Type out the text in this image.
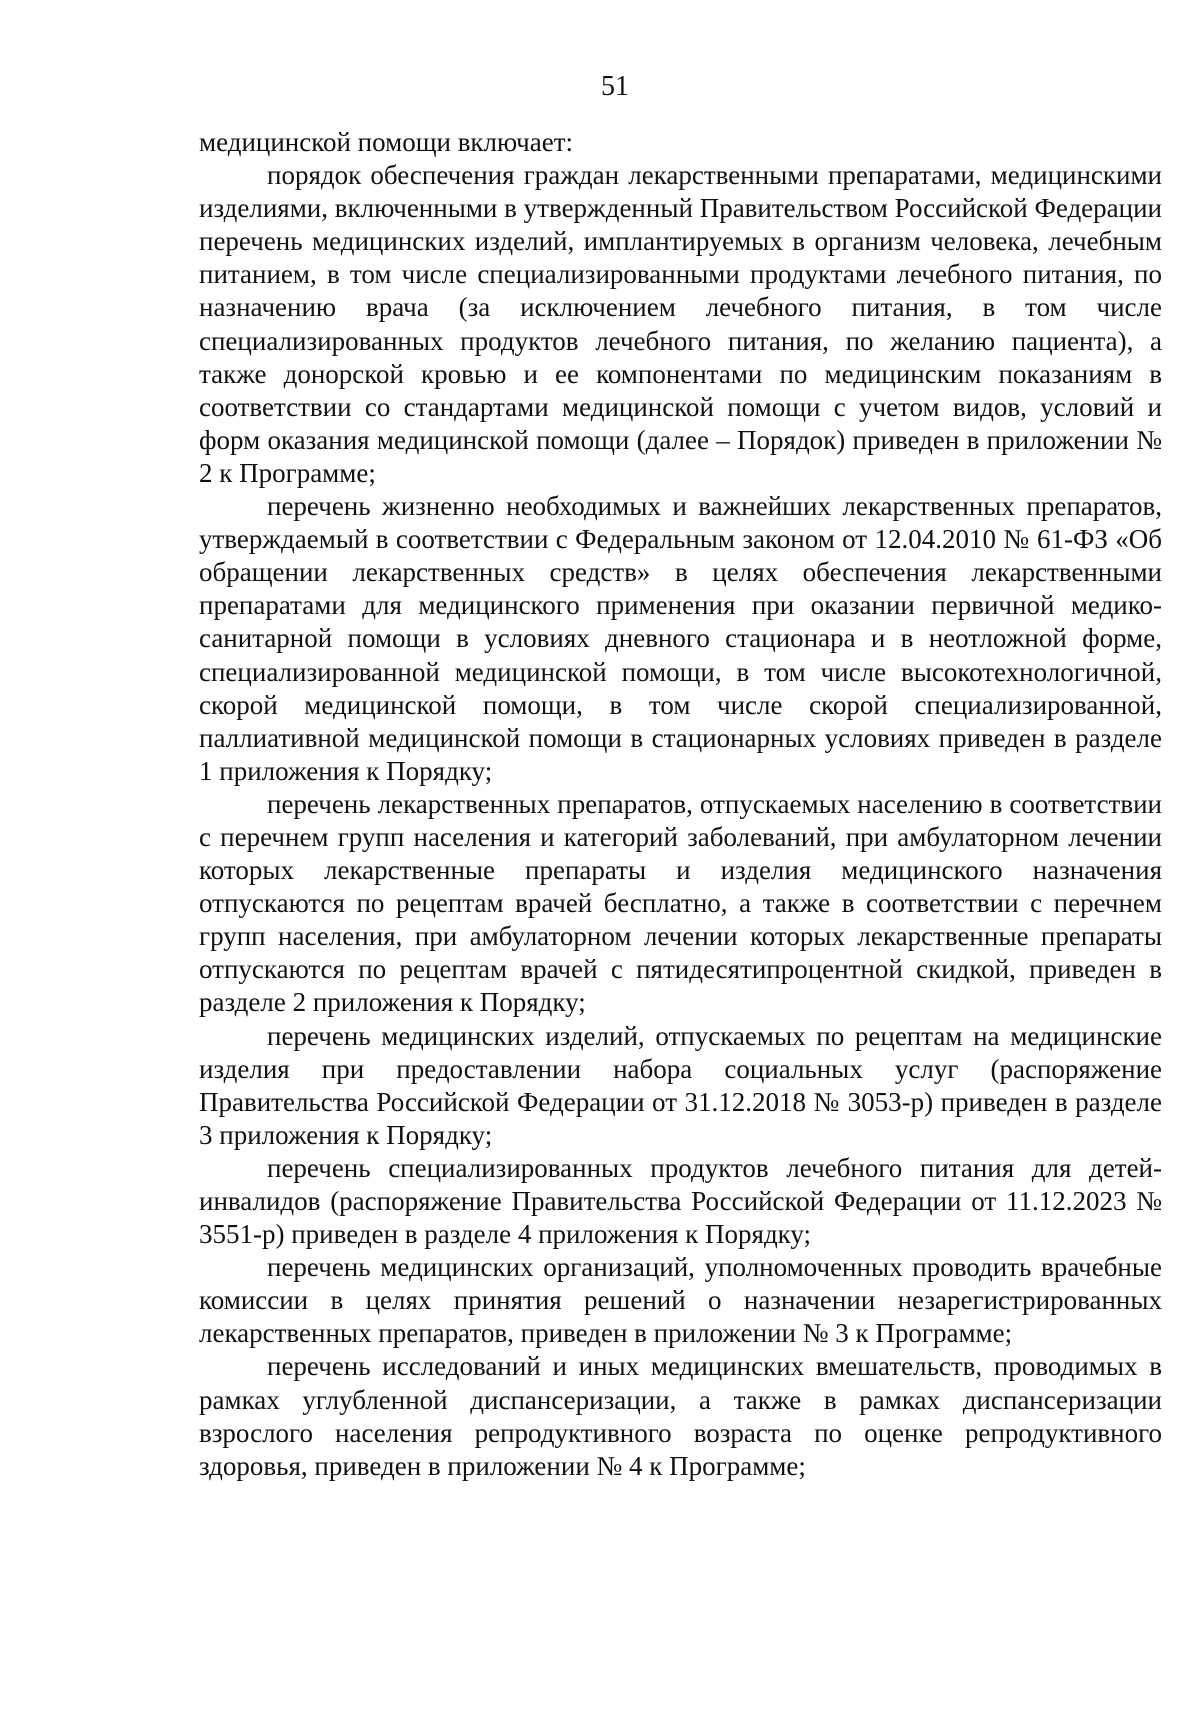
51

медицинской помощи включает:

порядок обеспечения граждан лекарственными препаратами, медицинскими изделиями, включенными в утвержденный Правительством Российской Федерации перечень медицинских изделий, имплантируемых в организм человека, лечебным питанием, в том числе специализированными продуктами лечебного питания, по назначению врача (за исключением лечебного питания, в том числе специализированных продуктов лечебного питания, по желанию пациента), а также донорской кровью и ее компонентами по медицинским показаниям в соответствии со стандартами медицинской помощи с учетом видов, условий и форм оказания медицинской помощи (далее – Порядок) приведен в приложении № 2 к Программе;

перечень жизненно необходимых и важнейших лекарственных препаратов, утверждаемый в соответствии с Федеральным законом от 12.04.2010 № 61-ФЗ «Об обращении лекарственных средств» в целях обеспечения лекарственными препаратами для медицинского применения при оказании первичной медико-санитарной помощи в условиях дневного стационара и в неотложной форме, специализированной медицинской помощи, в том числе высокотехнологичной, скорой медицинской помощи, в том числе скорой специализированной, паллиативной медицинской помощи в стационарных условиях приведен в разделе 1 приложения к Порядку;

перечень лекарственных препаратов, отпускаемых населению в соответствии с перечнем групп населения и категорий заболеваний, при амбулаторном лечении которых лекарственные препараты и изделия медицинского назначения отпускаются по рецептам врачей бесплатно, а также в соответствии с перечнем групп населения, при амбулаторном лечении которых лекарственные препараты отпускаются по рецептам врачей с пятидесятипроцентной скидкой, приведен в разделе 2 приложения к Порядку;

перечень медицинских изделий, отпускаемых по рецептам на медицинские изделия при предоставлении набора социальных услуг (распоряжение Правительства Российской Федерации от 31.12.2018 № 3053-р) приведен в разделе 3 приложения к Порядку;

перечень специализированных продуктов лечебного питания для детей-инвалидов (распоряжение Правительства Российской Федерации от 11.12.2023 № 3551-р) приведен в разделе 4 приложения к Порядку;

перечень медицинских организаций, уполномоченных проводить врачебные комиссии в целях принятия решений о назначении незарегистрированных лекарственных препаратов, приведен в приложении № 3 к Программе;

перечень исследований и иных медицинских вмешательств, проводимых в рамках углубленной диспансеризации, а также в рамках диспансеризации взрослого населения репродуктивного возраста по оценке репродуктивного здоровья, приведен в приложении № 4 к Программе;
